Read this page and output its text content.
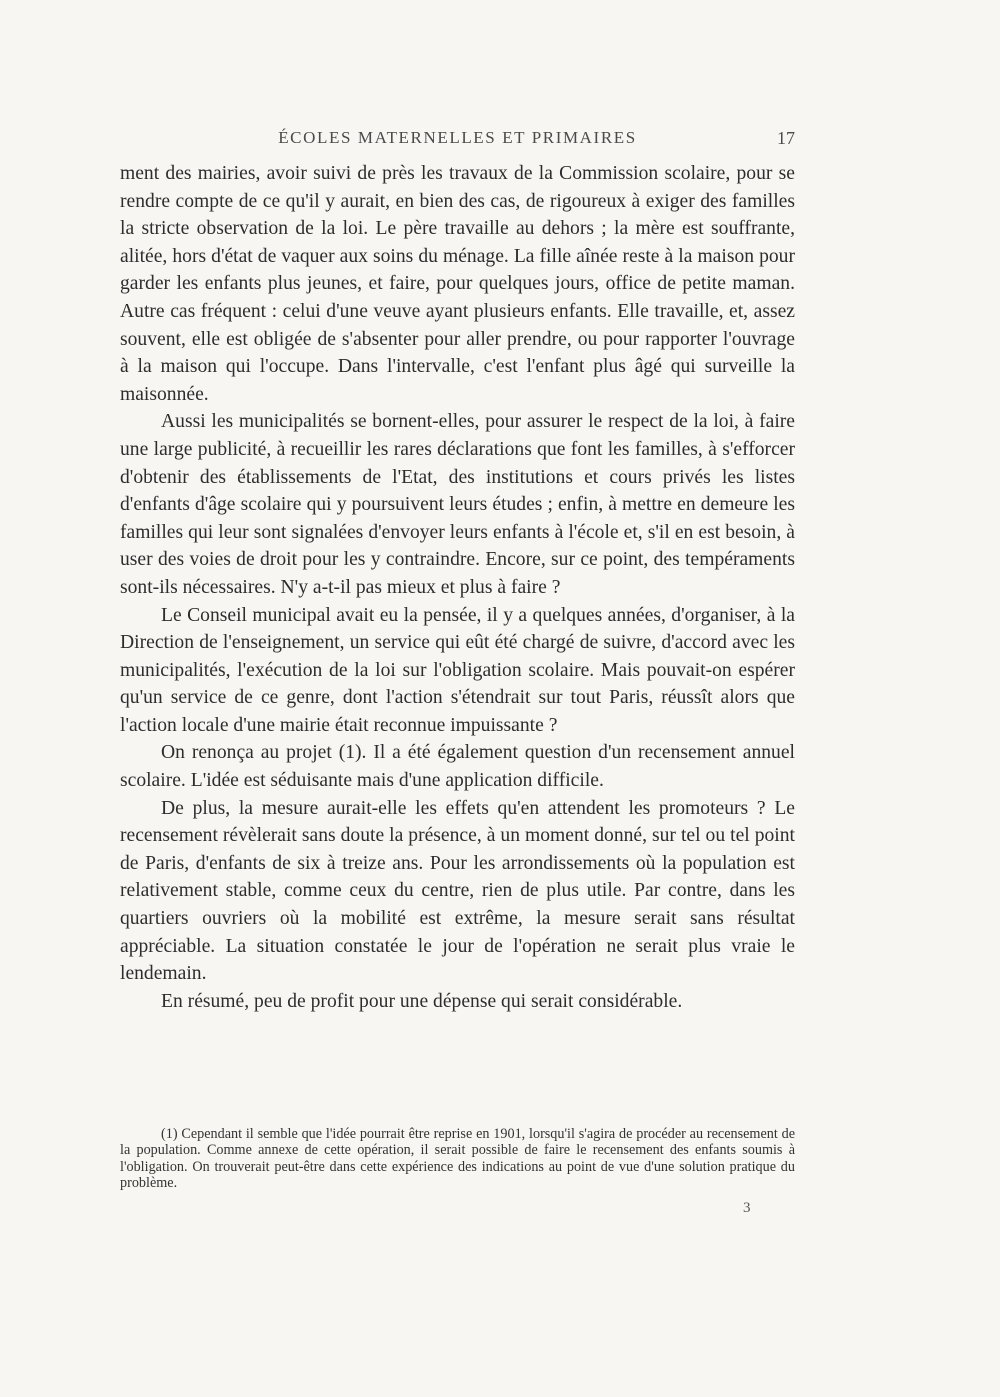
ÉCOLES MATERNELLES ET PRIMAIRES	17

ment des mairies, avoir suivi de près les travaux de la Commission scolaire, pour se rendre compte de ce qu'il y aurait, en bien des cas, de rigoureux à exiger des familles la stricte observation de la loi. Le père travaille au dehors ; la mère est souffrante, alitée, hors d'état de vaquer aux soins du ménage. La fille aînée reste à la maison pour garder les enfants plus jeunes, et faire, pour quelques jours, office de petite maman. Autre cas fréquent : celui d'une veuve ayant plusieurs enfants. Elle travaille, et, assez souvent, elle est obligée de s'absenter pour aller prendre, ou pour rapporter l'ouvrage à la maison qui l'occupe. Dans l'intervalle, c'est l'enfant plus âgé qui surveille la maisonnée.

Aussi les municipalités se bornent-elles, pour assurer le respect de la loi, à faire une large publicité, à recueillir les rares déclarations que font les familles, à s'efforcer d'obtenir des établissements de l'Etat, des institutions et cours privés les listes d'enfants d'âge scolaire qui y poursuivent leurs études ; enfin, à mettre en demeure les familles qui leur sont signalées d'envoyer leurs enfants à l'école et, s'il en est besoin, à user des voies de droit pour les y contraindre. Encore, sur ce point, des tempéraments sont-ils nécessaires. N'y a-t-il pas mieux et plus à faire ?

Le Conseil municipal avait eu la pensée, il y a quelques années, d'organiser, à la Direction de l'enseignement, un service qui eût été chargé de suivre, d'accord avec les municipalités, l'exécution de la loi sur l'obligation scolaire. Mais pouvait-on espérer qu'un service de ce genre, dont l'action s'étendrait sur tout Paris, réussît alors que l'action locale d'une mairie était reconnue impuissante ?

On renonça au projet (1). Il a été également question d'un recensement annuel scolaire. L'idée est séduisante mais d'une application difficile.

De plus, la mesure aurait-elle les effets qu'en attendent les promoteurs ? Le recensement révèlerait sans doute la présence, à un moment donné, sur tel ou tel point de Paris, d'enfants de six à treize ans. Pour les arrondissements où la population est relativement stable, comme ceux du centre, rien de plus utile. Par contre, dans les quartiers ouvriers où la mobilité est extrême, la mesure serait sans résultat appréciable. La situation constatée le jour de l'opération ne serait plus vraie le lendemain.

En résumé, peu de profit pour une dépense qui serait considérable.

(1) Cependant il semble que l'idée pourrait être reprise en 1901, lorsqu'il s'agira de procéder au recensement de la population. Comme annexe de cette opération, il serait possible de faire le recensement des enfants soumis à l'obligation. On trouverait peut-être dans cette expérience des indications au point de vue d'une solution pratique du problème.

3
